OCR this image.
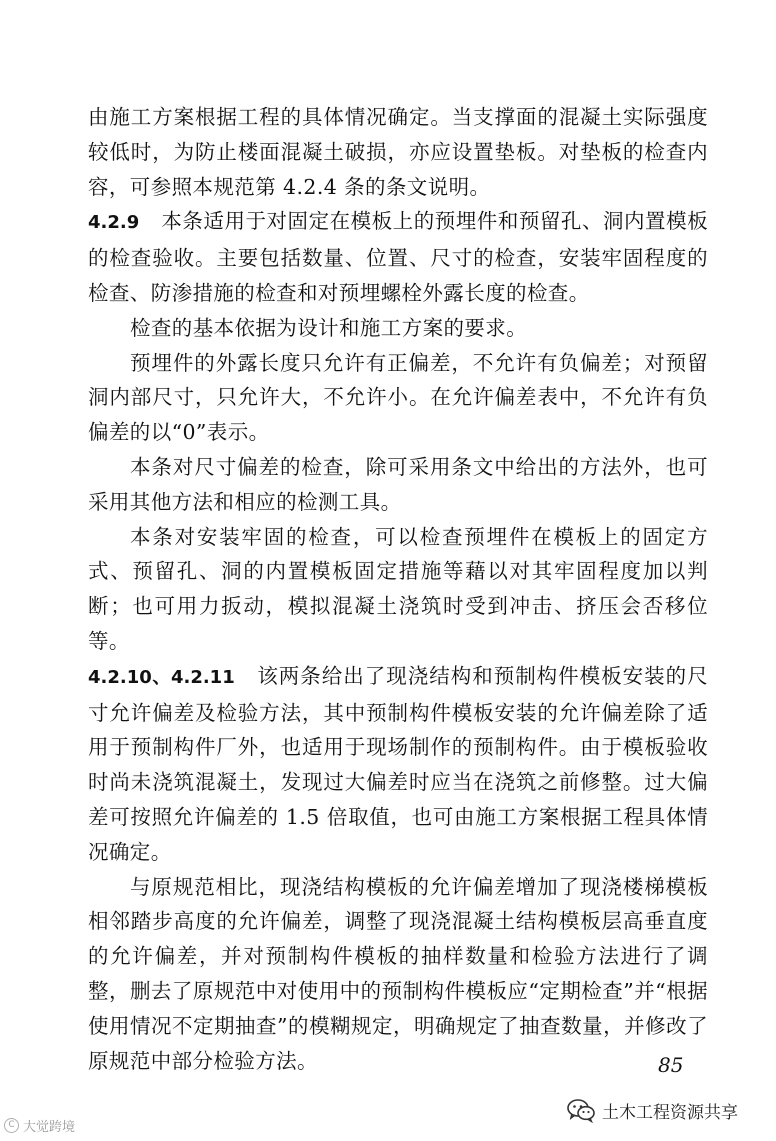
由施工方案根据工程的具体情况确定。当支撑面的混凝土实际强度较低时，为防止楼面混凝土破损，亦应设置垫板。对垫板的检查内容，可参照本规范第 4.2.4 条的条文说明。

4.2.9 本条适用于对固定在模板上的预埋件和预留孔、洞内置模板的检查验收。主要包括数量、位置、尺寸的检查，安装牢固程度的检查、防渗措施的检查和对预埋螺栓外露长度的检查。

检查的基本依据为设计和施工方案的要求。

预埋件的外露长度只允许有正偏差，不允许有负偏差；对预留洞内部尺寸，只允许大，不允许小。在允许偏差表中，不允许有负偏差的以“0”表示。

本条对尺寸偏差的检查，除可采用条文中给出的方法外，也可采用其他方法和相应的检测工具。

本条对安装牢固的检查，可以检查预埋件在模板上的固定方式、预留孔、洞的内置模板固定措施等藉以对其牢固程度加以判断；也可用力扳动，模拟混凝土浇筑时受到冲击、挤压会否移位等。

4.2.10、4.2.11 该两条给出了现浇结构和预制构件模板安装的尺寸允许偏差及检验方法，其中预制构件模板安装的允许偏差除了适用于预制构件厂外，也适用于现场制作的预制构件。由于模板验收时尚未浇筑混凝土，发现过大偏差时应当在浇筑之前修整。过大偏差可按照允许偏差的 1.5 倍取值，也可由施工方案根据工程具体情况确定。

与原规范相比，现浇结构模板的允许偏差增加了现浇楼梯模板相邻踏步高度的允许偏差，调整了现浇混凝土结构模板层高垂直度的允许偏差，并对预制构件模板的抽样数量和检验方法进行了调整，删去了原规范中对使用中的预制构件模板应“定期检查”并“根据使用情况不定期抽查”的模糊规定，明确规定了抽查数量，并修改了原规范中部分检验方法。	85
C 大觉跨境
土木工程资源共享
